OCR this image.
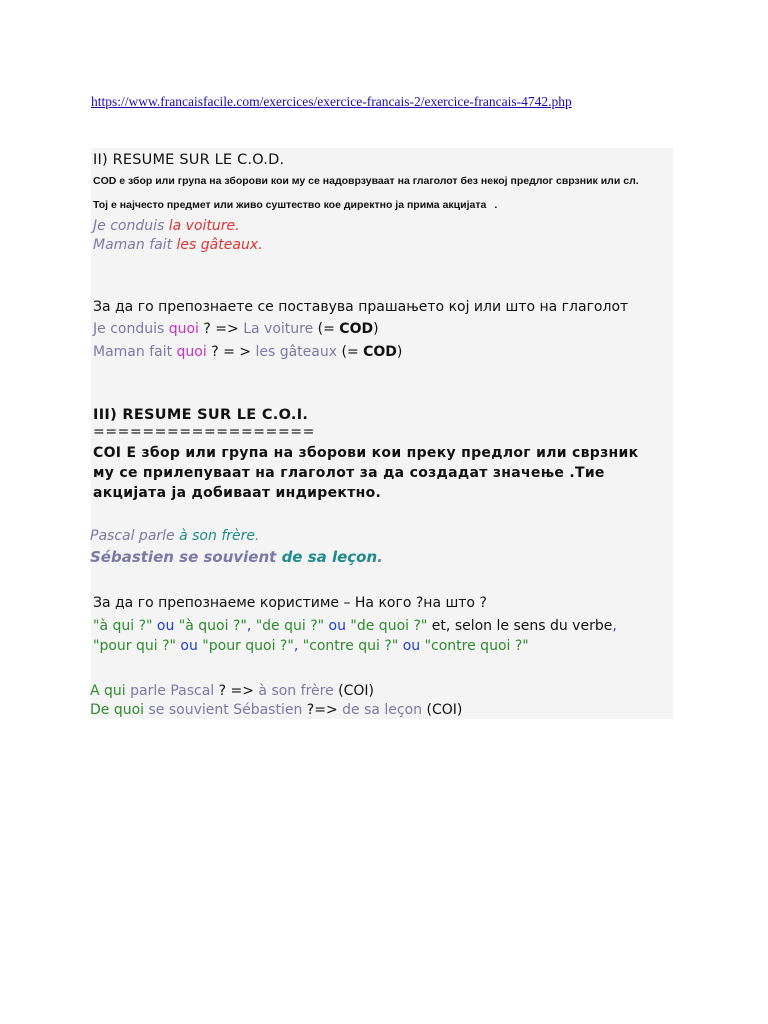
https://www.francaisfacile.com/exercices/exercice-francais-2/exercice-francais-4742.php
II) RESUME SUR LE C.O.D.
COD е збор или група на зборови кои му се надоврзуваат на глаголот без некој предлог сврзник или сл.
Тој е најчесто предмет или живо суштество кое директно ја прима акцијата .
Je conduis la voiture.
Maman fait les gâteaux.
За да го препознаете се поставува прашањето кој или што на глаголот
Je conduis quoi ? => La voiture (= COD)
Maman fait quoi ? = > les gâteaux (= COD)
III) RESUME SUR LE C.O.I.
==================
COI Е збор или група на зборови кои преку предлог или сврзник
му се прилепуваат на глаголот за да создадат значење .Тие
акцијата ја добиваат индиректно.
Pascal parle à son frère.
Sébastien se souvient de sa leçon.
За да го препознаеме користиме – На кого ?на што ?
"à qui ?" ou "à quoi ?", "de qui ?" ou "de quoi ?" et, selon le sens du verbe,
"pour qui ?" ou "pour quoi ?", "contre qui ?" ou "contre quoi ?"
A qui parle Pascal ? => à son frère (COI)
De quoi se souvient Sébastien ?=> de sa leçon (COI)
